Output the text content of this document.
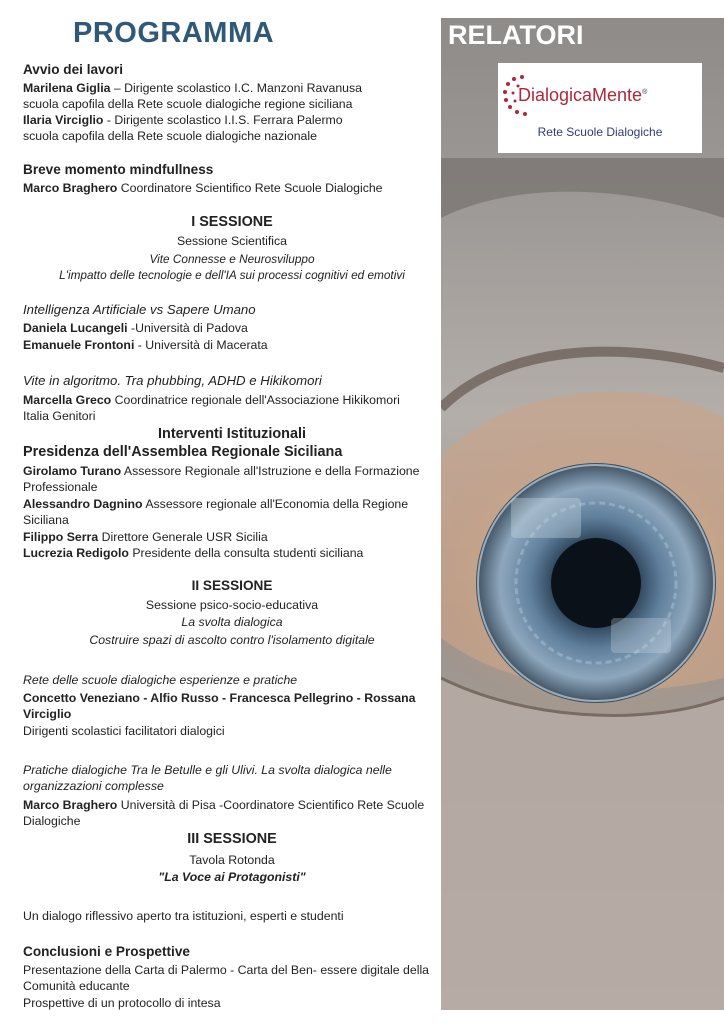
PROGRAMMA
Avvio dei lavori
Marilena Giglia – Dirigente scolastico I.C. Manzoni Ravanusa
scuola capofila della Rete scuole dialogiche regione siciliana
Ilaria Virciglio - Dirigente scolastico I.I.S. Ferrara Palermo
scuola capofila della Rete scuole dialogiche nazionale
Breve momento mindfullness
Marco Braghero Coordinatore Scientifico Rete Scuole Dialogiche
I SESSIONE
Sessione Scientifica
Vite Connesse e Neurosviluppo
L'impatto delle tecnologie e dell'IA sui processi cognitivi ed emotivi
Intelligenza Artificiale vs Sapere Umano
Daniela Lucangeli -Università di Padova
Emanuele Frontoni - Università di Macerata
Vite in algoritmo. Tra phubbing, ADHD e Hikikomori
Marcella Greco Coordinatrice regionale dell'Associazione Hikikomori
Italia Genitori
Interventi Istituzionali
Presidenza dell'Assemblea Regionale Siciliana
Girolamo Turano Assessore Regionale all'Istruzione e della Formazione
Professionale
Alessandro Dagnino Assessore regionale all'Economia della Regione
Siciliana
Filippo Serra Direttore Generale USR Sicilia
Lucrezia Redigolo Presidente della consulta studenti siciliana
II SESSIONE
Sessione psico-socio-educativa
La svolta dialogica
Costruire spazi di ascolto contro l'isolamento digitale
Rete delle scuole dialogiche esperienze e pratiche
Concetto Veneziano - Alfio Russo - Francesca Pellegrino - Rossana
Virciglio
Dirigenti scolastici facilitatori dialogici
Pratiche dialogiche Tra le Betulle e gli Ulivi. La svolta dialogica nelle
organizzazioni complesse
Marco Braghero Università di Pisa -Coordinatore Scientifico Rete Scuole
Dialogiche
III SESSIONE
Tavola Rotonda
"La Voce ai Protagonisti"
Un dialogo riflessivo aperto tra istituzioni, esperti e studenti
Conclusioni e Prospettive
Presentazione della Carta di Palermo - Carta del Ben- essere digitale della
Comunità educante
Prospettive di un protocollo di intesa
RELATORI
DialogicaMente®
Rete Scuole Dialogiche
